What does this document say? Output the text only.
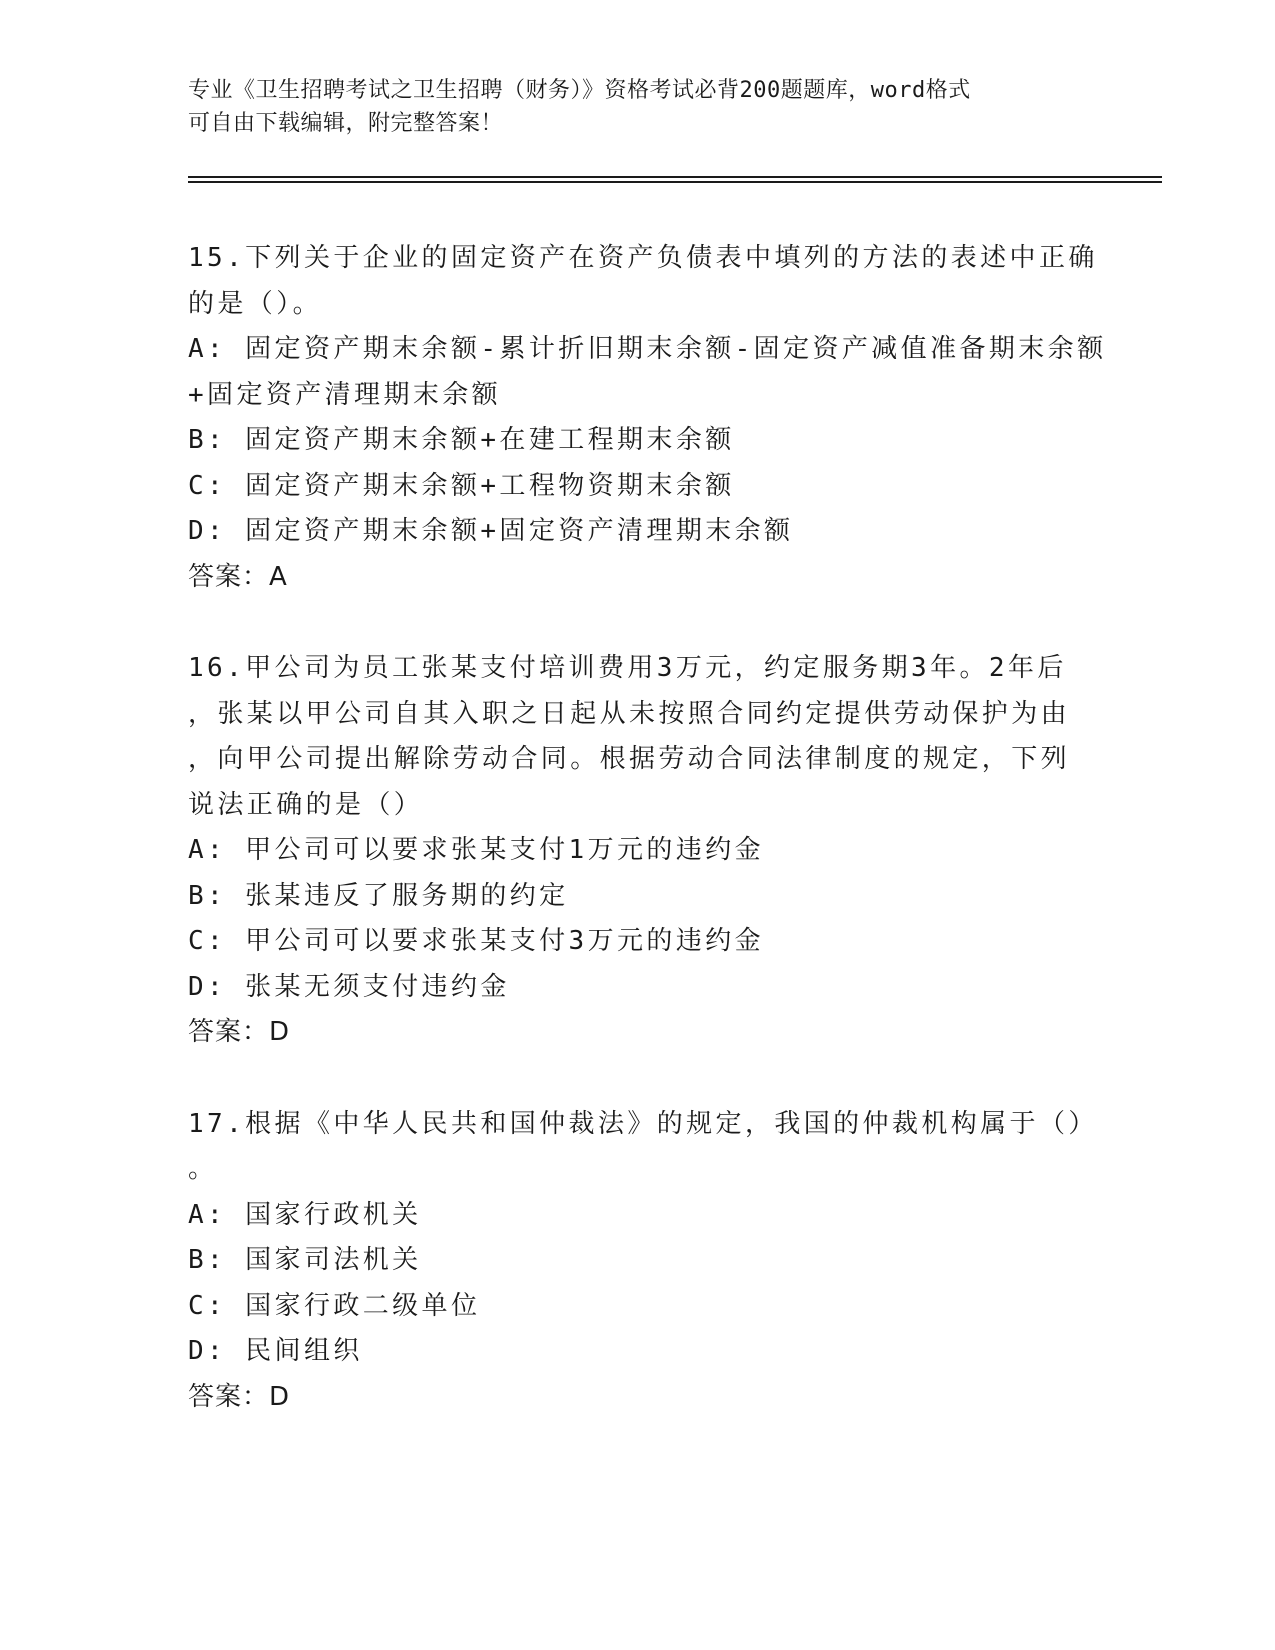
专业《卫生招聘考试之卫生招聘（财务）》资格考试必背200题题库，word格式
可自由下载编辑，附完整答案！
15.下列关于企业的固定资产在资产负债表中填列的方法的表述中正确
的是（）。
A: 固定资产期末余额-累计折旧期末余额-固定资产减值准备期末余额
+固定资产清理期末余额
B: 固定资产期末余额+在建工程期末余额
C: 固定资产期末余额+工程物资期末余额
D: 固定资产期末余额+固定资产清理期末余额
答案：A
16.甲公司为员工张某支付培训费用3万元，约定服务期3年。2年后
，张某以甲公司自其入职之日起从未按照合同约定提供劳动保护为由
，向甲公司提出解除劳动合同。根据劳动合同法律制度的规定，下列
说法正确的是（）
A: 甲公司可以要求张某支付1万元的违约金
B: 张某违反了服务期的约定
C: 甲公司可以要求张某支付3万元的违约金
D: 张某无须支付违约金
答案：D
17.根据《中华人民共和国仲裁法》的规定，我国的仲裁机构属于（）
。
A: 国家行政机关
B: 国家司法机关
C: 国家行政二级单位
D: 民间组织
答案：D
